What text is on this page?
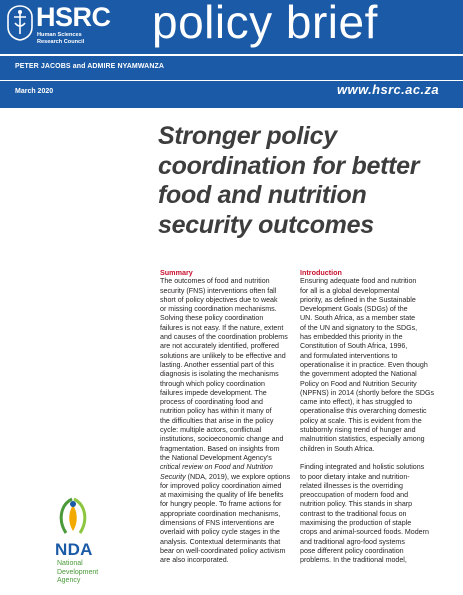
HSRC
Human Sciences
Research Council policy brief
PETER JACOBS and ADMIRE NYAMWANZA
March 2020	www.hsrc.ac.za
Stronger policy
coordination for better
food and nutrition
security outcomes

Summary

The outcomes of food and nutrition

security (FNS) interventions often fall

short of policy objectives due to weak

or missing coordination mechanisms.

Solving these policy coordination

failures is not easy. If the nature, extent

and causes of the coordination problems

are not accurately identified, proffered

solutions are unlikely to be effective and

lasting. Another essential part of this

diagnosis is isolating the mechanisms

through which policy coordination

failures impede development. The

process of coordinating food and

nutrition policy has within it many of

the difficulties that arise in the policy

cycle: multiple actors, conflictual

institutions, socioeconomic change and

fragmentation. Based on insights from

the National Development Agency's

critical review on Food and Nutrition

Security (NDA, 2019), we explore options

for improved policy coordination aimed

at maximising the quality of life benefits

for hungry people. To frame actions for

appropriate coordination mechanisms,

dimensions of FNS interventions are

overlaid with policy cycle stages in the

analysis. Contextual determinants that

bear on well-coordinated policy activism

are also incorporated.

Introduction

Ensuring adequate food and nutrition

for all is a global developmental

priority, as defined in the Sustainable

Development Goals (SDGs) of the

UN. South Africa, as a member state

of the UN and signatory to the SDGs,

has embedded this priority in the

Constitution of South Africa, 1996,

and formulated interventions to

operationalise it in practice. Even though

the government adopted the National

Policy on Food and Nutrition Security

(NPFNS) in 2014 (shortly before the SDGs

came into effect), it has struggled to

operationalise this overarching domestic

policy at scale. This is evident from the

stubbornly rising trend of hunger and

malnutrition statistics, especially among

children in South Africa.

Finding integrated and holistic solutions

to poor dietary intake and nutrition-

related illnesses is the overriding

preoccupation of modern food and

nutrition policy. This stands in sharp

contrast to the traditional focus on

maximising the production of staple

crops and animal-sourced foods. Modern

and traditional agro-food systems

pose different policy coordination

problems. In the traditional model,

NDA
National
Development
Agency
